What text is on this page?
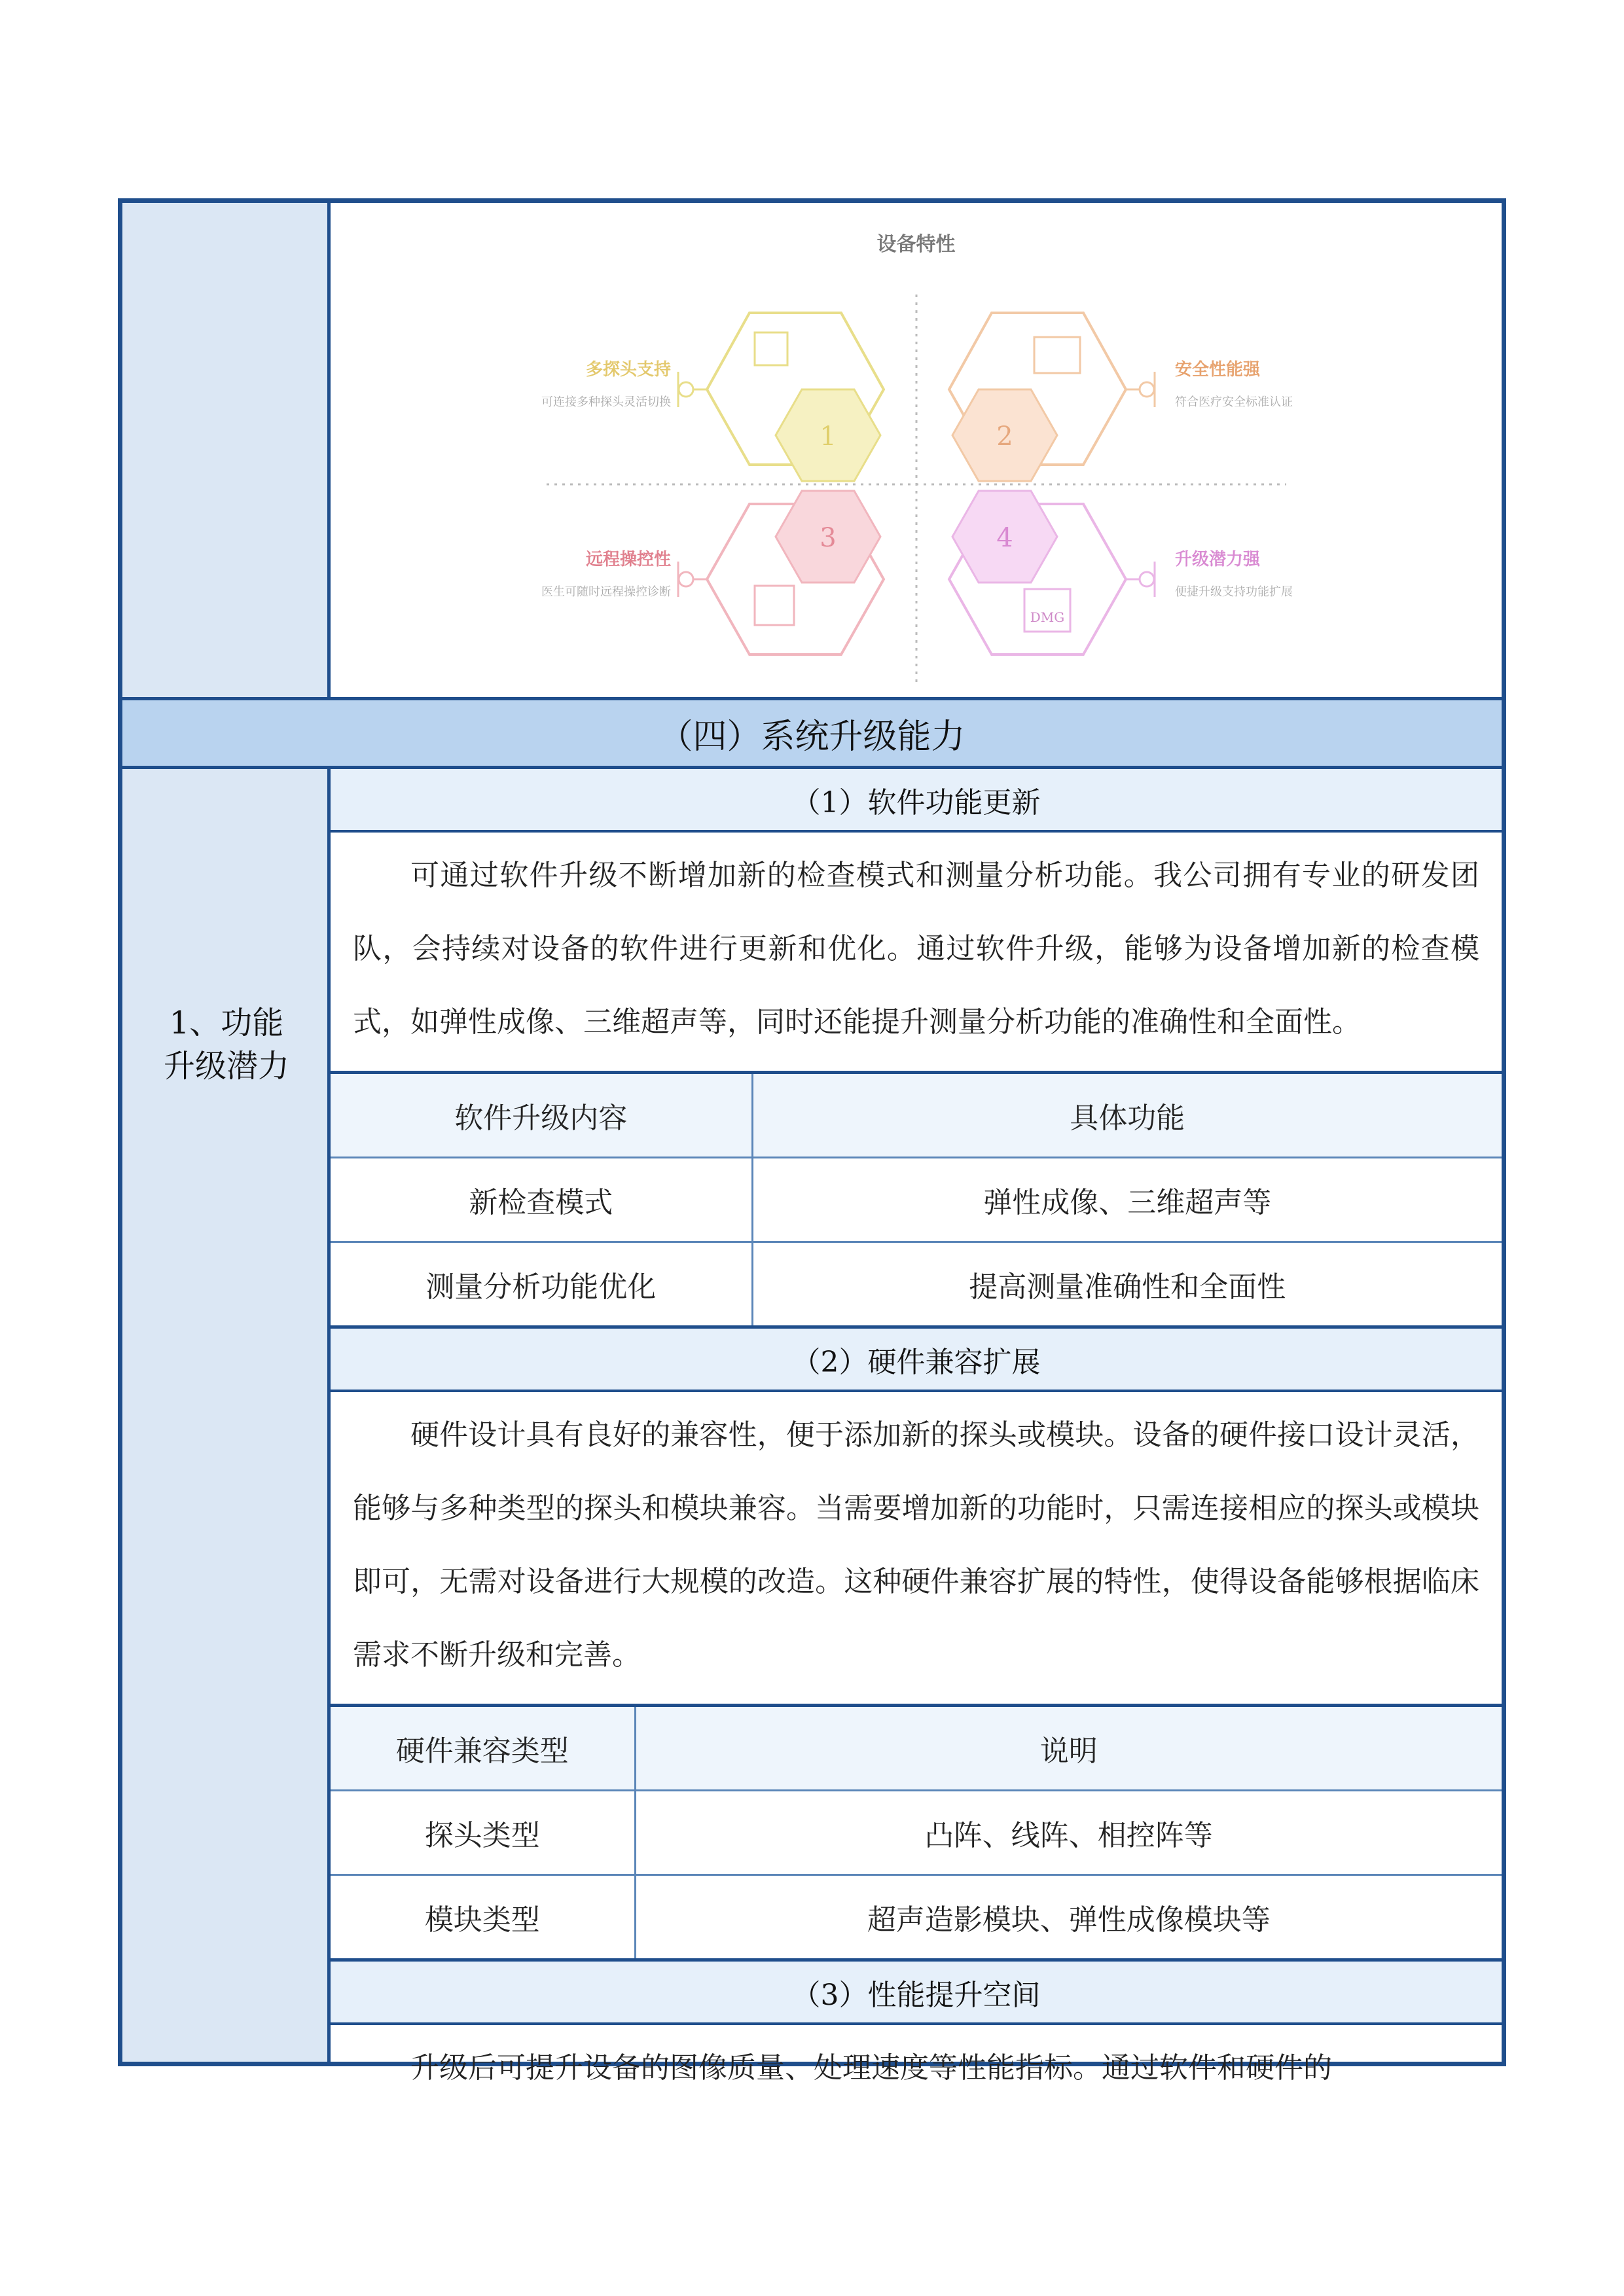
1、功能升级潜力
设备特性
1
多探头支持
可连接多种探头灵活切换
2
安全性能强
符合医疗安全标准认证
3
远程操控性
医生可随时远程操控诊断
4
DMG
升级潜力强
便捷升级支持功能扩展
（四）系统升级能力
（1）软件功能更新
可通过软件升级不断增加新的检查模式和测量分析功能。我公司拥有专业的研发团队，会持续对设备的软件进行更新和优化。通过软件升级，能够为设备增加新的检查模式，如弹性成像、三维超声等，同时还能提升测量分析功能的准确性和全面性。
软件升级内容	具体功能
新检查模式	弹性成像、三维超声等
测量分析功能优化	提高测量准确性和全面性
（2）硬件兼容扩展
硬件设计具有良好的兼容性，便于添加新的探头或模块。设备的硬件接口设计灵活，能够与多种类型的探头和模块兼容。当需要增加新的功能时，只需连接相应的探头或模块即可，无需对设备进行大规模的改造。这种硬件兼容扩展的特性，使得设备能够根据临床需求不断升级和完善。
硬件兼容类型	说明
探头类型	凸阵、线阵、相控阵等
模块类型	超声造影模块、弹性成像模块等
（3）性能提升空间
升级后可提升设备的图像质量、处理速度等性能指标。通过软件和硬件的
